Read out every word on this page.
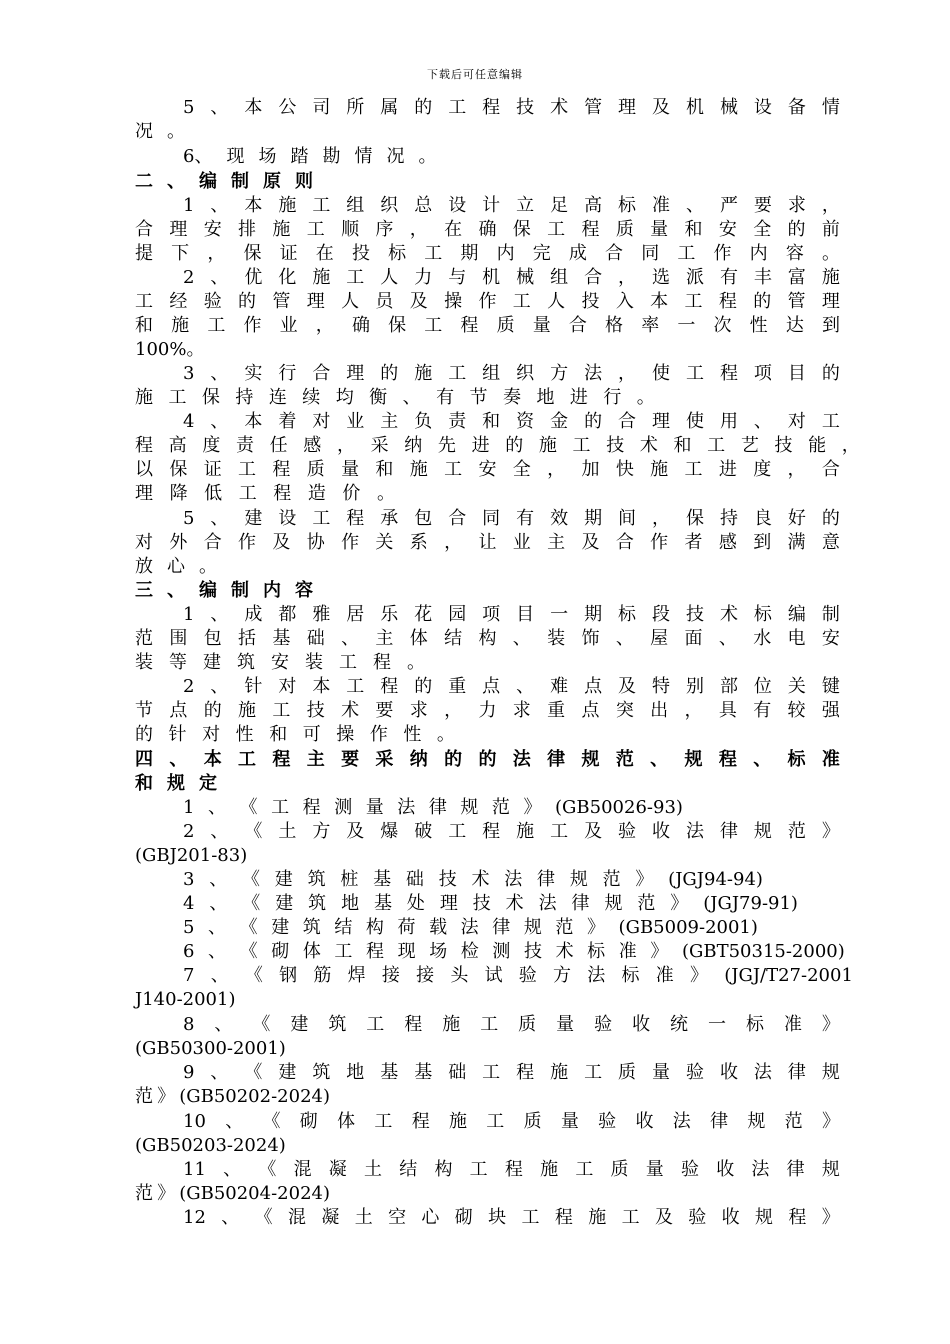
下载后可任意编辑
5 、 本 公 司 所 属 的 工 程 技 术 管 理 及 机 械 设 备 情
况 。
6 、 现 场 踏 勘 情 况 。
二 、 编 制 原 则
1 、 本 施 工 组 织 总 设 计 立 足 高 标 准 、 严 要 求 ，
合 理 安 排 施 工 顺 序 ， 在 确 保 工 程 质 量 和 安 全 的 前
提 下 ， 保 证 在 投 标 工 期 内 完 成 合 同 工 作 内 容 。
2 、 优 化 施 工 人 力 与 机 械 组 合 ， 选 派 有 丰 富 施
工 经 验 的 管 理 人 员 及 操 作 工 人 投 入 本 工 程 的 管 理
和 施 工 作 业 ， 确 保 工 程 质 量 合 格 率 一 次 性 达 到
100% 。
3 、 实 行 合 理 的 施 工 组 织 方 法 ， 使 工 程 项 目 的
施 工 保 持 连 续 均 衡 、 有 节 奏 地 进 行 。
4 、 本 着 对 业 主 负 责 和 资 金 的 合 理 使 用 、 对 工
程 高 度 责 任 感 ， 采 纳 先 进 的 施 工 技 术 和 工 艺 技 能 ，
以 保 证 工 程 质 量 和 施 工 安 全 ， 加 快 施 工 进 度 ， 合
理 降 低 工 程 造 价 。
5 、 建 设 工 程 承 包 合 同 有 效 期 间 ， 保 持 良 好 的
对 外 合 作 及 协 作 关 系 ， 让 业 主 及 合 作 者 感 到 满 意
放 心 。
三 、 编 制 内 容
1 、 成 都 雅 居 乐 花 园 项 目 一 期 标 段 技 术 标 编 制
范 围 包 括 基 础 、 主 体 结 构 、 装 饰 、 屋 面 、 水 电 安
装 等 建 筑 安 装 工 程 。
2 、 针 对 本 工 程 的 重 点 、 难 点 及 特 别 部 位 关 键
节 点 的 施 工 技 术 要 求 ， 力 求 重 点 突 出 ， 具 有 较 强
的 针 对 性 和 可 操 作 性 。
四 、 本 工 程 主 要 采 纳 的 的 法 律 规 范 、 规 程 、 标 准
和 规 定
1 、 《 工 程 测 量 法 律 规 范 》 (GB50026-93)
2 、 《 土 方 及 爆 破 工 程 施 工 及 验 收 法 律 规 范 》
(GBJ201-83)
3 、 《 建 筑 桩 基 础 技 术 法 律 规 范 》 (JGJ94-94)
4 、 《 建 筑 地 基 处 理 技 术 法 律 规 范 》 (JGJ79-91)
5 、 《 建 筑 结 构 荷 载 法 律 规 范 》 (GB5009-2001)
6 、 《 砌 体 工 程 现 场 检 测 技 术 标 准 》 (GBT50315-2000)
7 、 《 钢 筋 焊 接 接 头 试 验 方 法 标 准 》 (JGJ/T27-2001
J140-2001)
8 、 《 建 筑 工 程 施 工 质 量 验 收 统 一 标 准 》
(GB50300-2001)
9 、 《 建 筑 地 基 基 础 工 程 施 工 质 量 验 收 法 律 规
范 》 (GB50202-2024)
10 、 《 砌 体 工 程 施 工 质 量 验 收 法 律 规 范 》
(GB50203-2024)
11 、 《 混 凝 土 结 构 工 程 施 工 质 量 验 收 法 律 规
范 》 (GB50204-2024)
12 、 《 混 凝 土 空 心 砌 块 工 程 施 工 及 验 收 规 程 》
